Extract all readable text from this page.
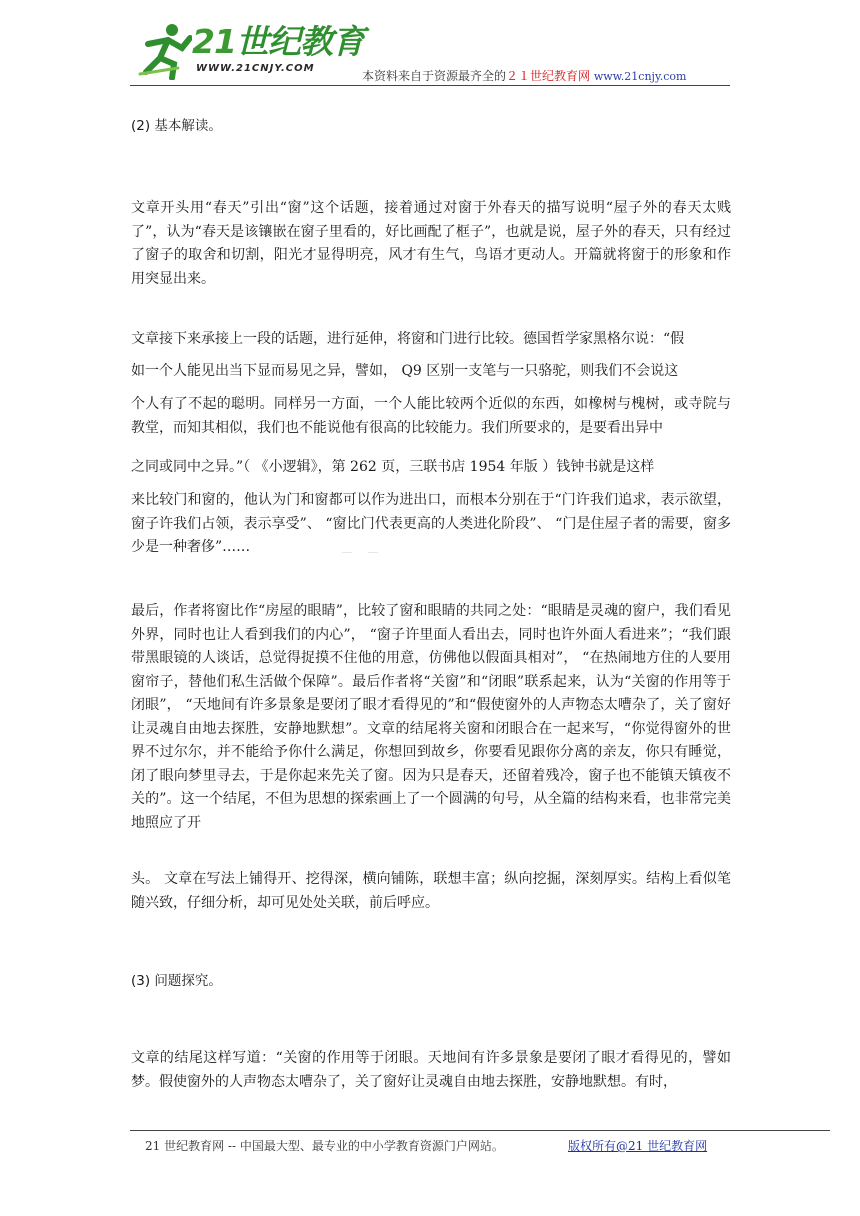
21世纪教育
WWW.21CNJY.COM
本资料来自于资源最齐全的２１世纪教育网 www.21cnjy.com

(2) 基本解读。

文章开头用“春天”引出“窗”这个话题，接着通过对窗于外春天的描写说明“屋子外的春天太贱了”，认为“春天是该镶嵌在窗子里看的，好比画配了框子”，也就是说，屋子外的春天，只有经过了窗子的取舍和切割，阳光才显得明亮，风才有生气，鸟语才更动人。开篇就将窗于的形象和作用突显出来。

文章接下来承接上一段的话题，进行延伸，将窗和门进行比较。德国哲学家黑格尔说：“假

如一个人能见出当下显而易见之异，譬如， Q9 区别一支笔与一只骆驼，则我们不会说这

个人有了不起的聪明。同样另一方面，一个人能比较两个近似的东西，如橡树与槐树，或寺院与教堂，而知其相似，我们也不能说他有很高的比较能力。我们所要求的，是要看出异中

之同或同中之异。”（ 《小逻辑》，第 262 页，三联书店 1954 年版 ）钱钟书就是这样

来比较门和窗的，他认为门和窗都可以作为进出口，而根本分别在于“门许我们追求，表示欲望，窗子许我们占领，表示享受”、 “窗比门代表更高的人类进化阶段”、 “门是住屋子者的需要，窗多少是一种奢侈”……

最后，作者将窗比作“房屋的眼睛”，比较了窗和眼睛的共同之处：“眼睛是灵魂的窗户，我们看见外界，同时也让人看到我们的内心”， “窗子许里面人看出去，同时也许外面人看进来”；“我们跟带黑眼镜的人谈话，总觉得捉摸不住他的用意，仿佛他以假面具相对”， “在热闹地方住的人要用窗帘子，替他们私生活做个保障”。最后作者将“关窗”和“闭眼”联系起来，认为“关窗的作用等于闭眼”， “天地间有许多景象是要闭了眼才看得见的”和“假使窗外的人声物态太嘈杂了，关了窗好让灵魂自由地去探胜，安静地默想”。文章的结尾将关窗和闭眼合在一起来写，“你觉得窗外的世界不过尔尔，并不能给予你什么满足，你想回到故乡，你要看见跟你分离的亲友，你只有睡觉，闭了眼向梦里寻去，于是你起来先关了窗。因为只是春天，还留着残冷，窗子也不能镇天镇夜不关的”。这一个结尾，不但为思想的探索画上了一个圆满的句号，从全篇的结构来看，也非常完美地照应了开

头。 文章在写法上铺得开、挖得深，横向铺陈，联想丰富；纵向挖掘，深刻厚实。结构上看似笔随兴致，仔细分析，却可见处处关联，前后呼应。

(3) 问题探究。

文章的结尾这样写道：“关窗的作用等于闭眼。天地间有许多景象是要闭了眼才看得见的，譬如梦。假使窗外的人声物态太嘈杂了，关了窗好让灵魂自由地去探胜，安静地默想。有时，

21 世纪教育网 -- 中国最大型、最专业的中小学教育资源门户网站。	版权所有@21 世纪教育网
